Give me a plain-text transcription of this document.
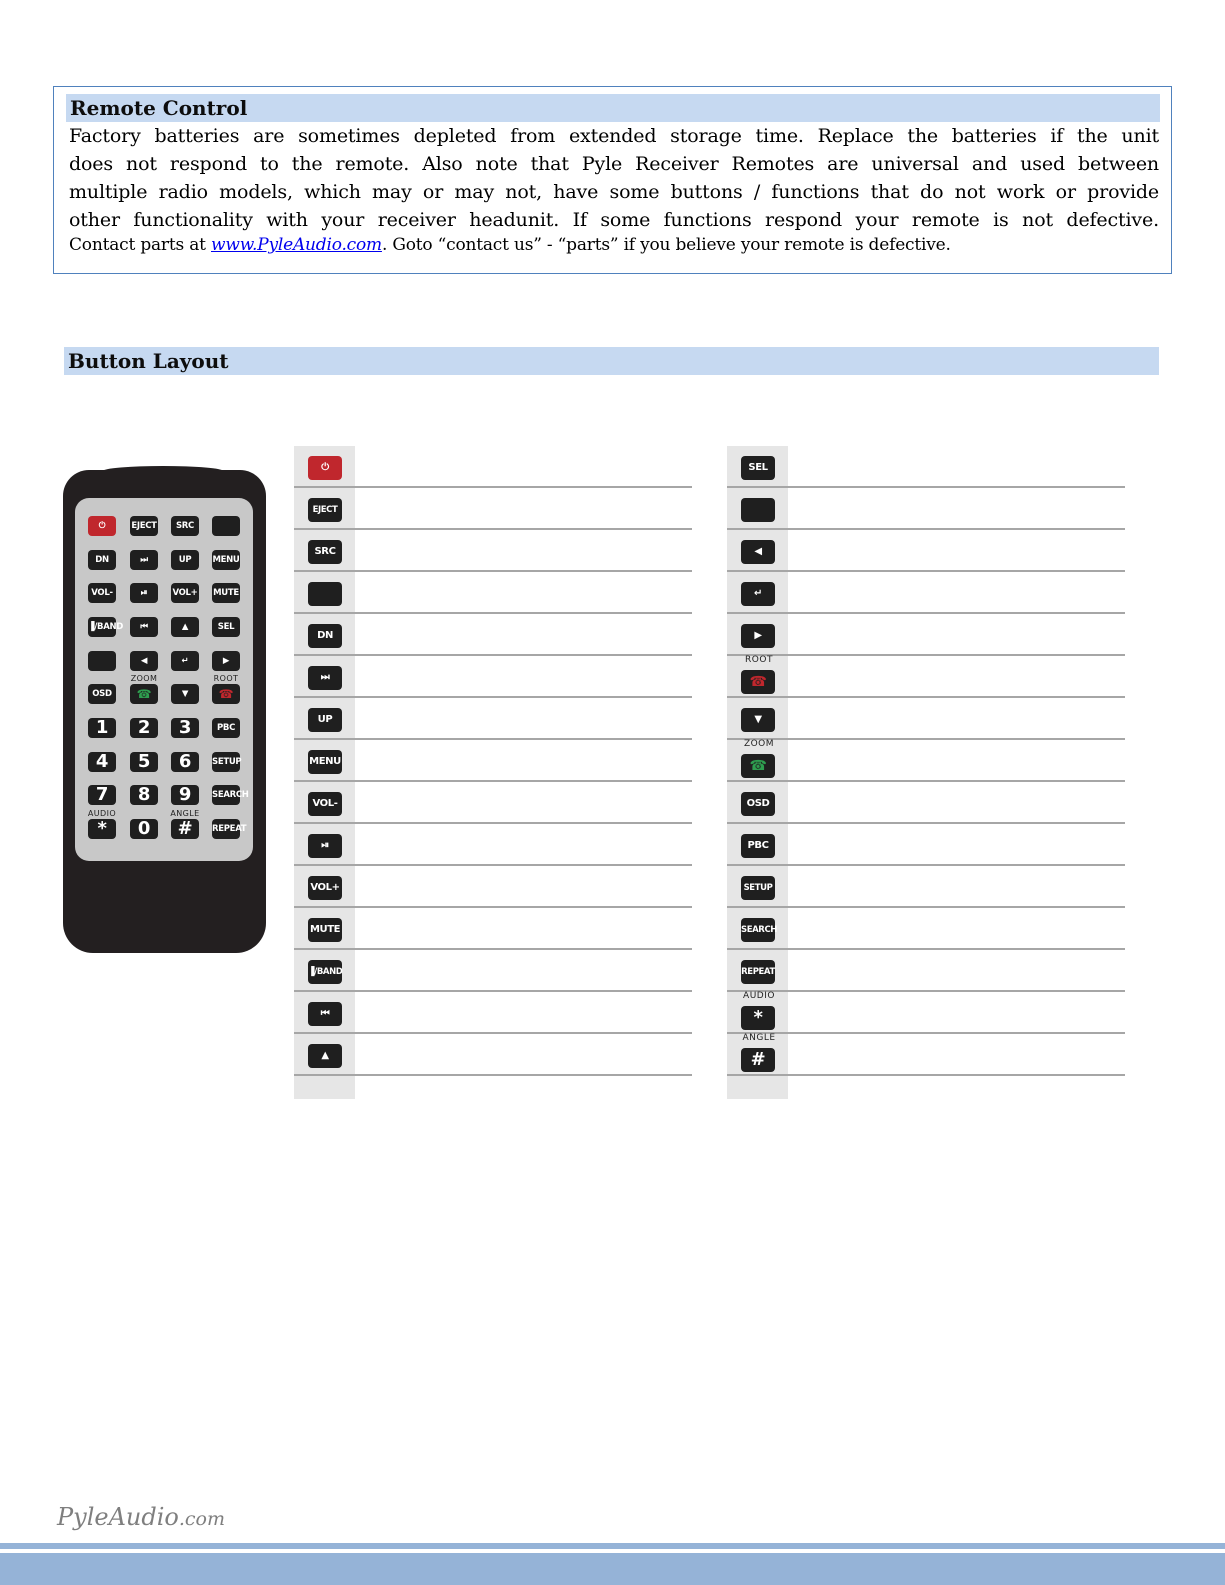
Remote Control
Factory batteries are sometimes depleted from extended storage time. Replace the batteries if the unit
does not respond to the remote. Also note that Pyle Receiver Remotes are universal and used between
multiple radio models, which may or may not, have some buttons / functions that do not work or provide
other functionality with your receiver headunit. If some functions respond your remote is not defective.
Contact parts at www.PyleAudio.com. Goto “contact us” - “parts” if you believe your remote is defective.
Button Layout
⏻	EJECT	SRC
DN	⏭	UP	MENU
VOL-	⏯	VOL+ MUTE
▐/BAND	⏮	▲	SEL
◀	↵	▶
OSD	☎	▼	☎
1	2	3	PBC
4	5	6	SETUP
7	8	9	SEARCH
*	0	#	REPEAT
ZOOM	ROOT
AUDIO	ANGLE
⏻
EJECT
SRC
DN
⏭
UP
MENU
VOL-
⏯
VOL+
MUTE
▐/BAND
⏮
▲
SEL
◀
↵
▶
ROOT
☎
▼
ZOOM
☎
OSD
PBC
SETUP
SEARCH
REPEAT
AUDIO
*
ANGLE
#
PyleAudio.com
